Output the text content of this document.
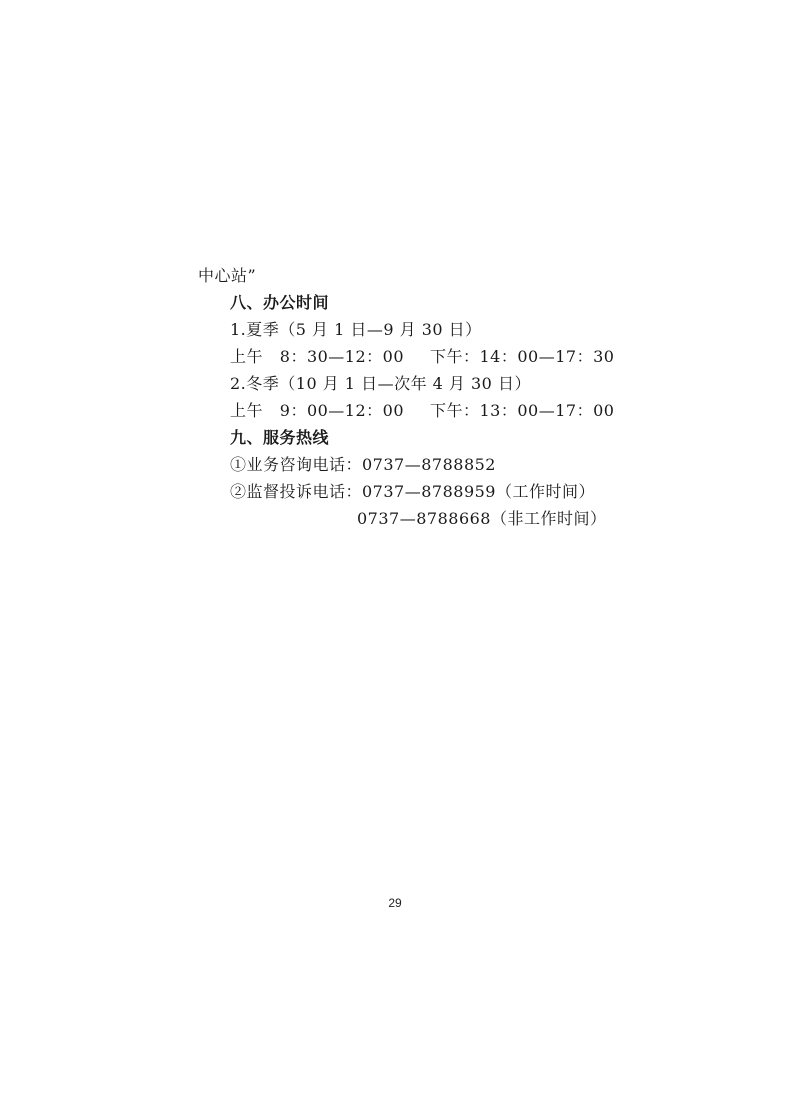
中心站”
八、办公时间
1.夏季（5 月 1 日—9 月 30 日）
上午   8：30—12：00 下午：14：00—17：30
2.冬季（10 月 1 日—次年 4 月 30 日）
上午   9：00—12：00 下午：13：00—17：00
九、服务热线
①业务咨询电话：0737—8788852
②监督投诉电话：0737—8788959（工作时间）
0737—8788668（非工作时间）
29
